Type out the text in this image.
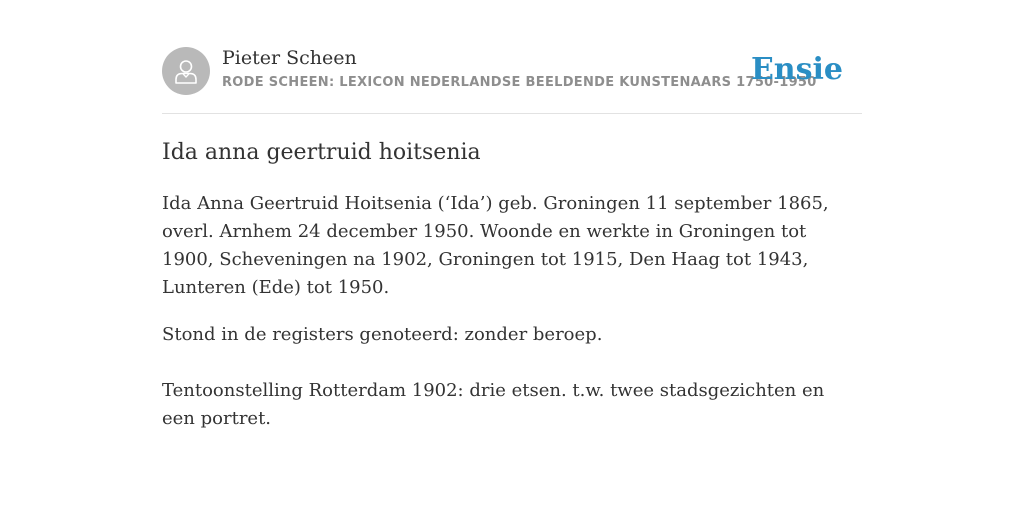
Pieter Scheen
RODE SCHEEN: LEXICON NEDERLANDSE BEELDENDE KUNSTENAARS 1750-1950
Ensie
Ida anna geertruid hoitsenia

Ida Anna Geertruid Hoitsenia (‘Ida’) geb. Groningen 11 september 1865, overl. Arnhem 24 december 1950. Woonde en werkte in Groningen tot 1900, Scheveningen na 1902, Groningen tot 1915, Den Haag tot 1943, Lunteren (Ede) tot 1950.

Stond in de registers genoteerd: zonder beroep.

Tentoonstelling Rotterdam 1902: drie etsen. t.w. twee stadsgezichten en een portret.
